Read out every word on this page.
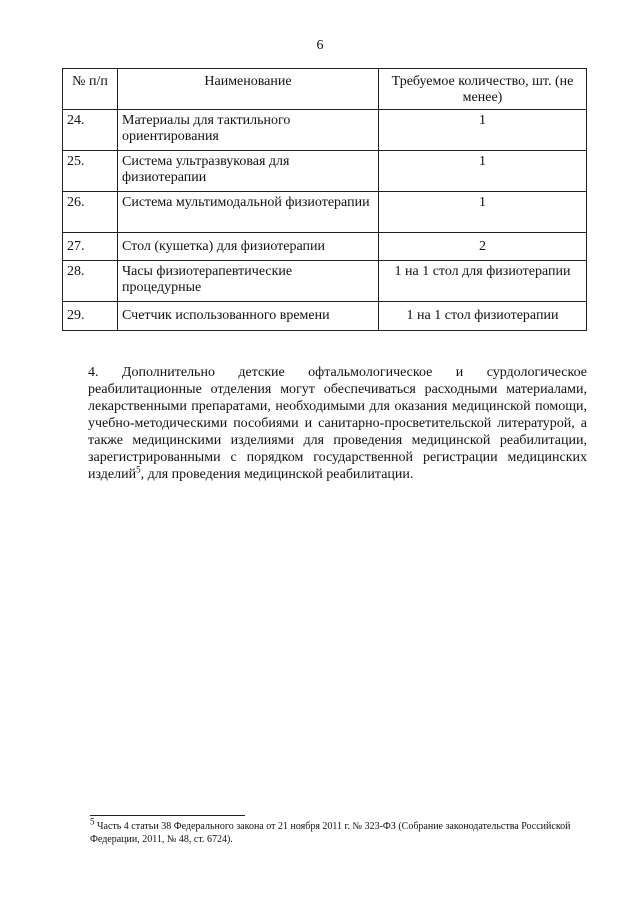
6
№ п/п	Наименование	Требуемое количество, шт. (не менее)
24.	Материалы для тактильного ориентирования	1
25.	Система ультразвуковая для физиотерапии	1
26.	Система мультимодальной физиотерапии	1
27.	Стол (кушетка) для физиотерапии	2
28.	Часы физиотерапевтические процедурные	1 на 1 стол для физиотерапии
29.	Счетчик использованного времени	1 на 1 стол физиотерапии

4. Дополнительно детские офтальмологическое и сурдологическое реабилитационные отделения могут обеспечиваться расходными материалами, лекарственными препаратами, необходимыми для оказания медицинской помощи, учебно-методическими пособиями и санитарно-просветительской литературой, а также медицинскими изделиями для проведения медицинской реабилитации, зарегистрированными с порядком государственной регистрации медицинских изделий$^5$, для проведения медицинской реабилитации.

$^5$ Часть 4 статьи 38 Федерального закона от 21 ноября 2011 г. № 323-ФЗ (Собрание законодательства Российской Федерации, 2011, № 48, ст. 6724).
